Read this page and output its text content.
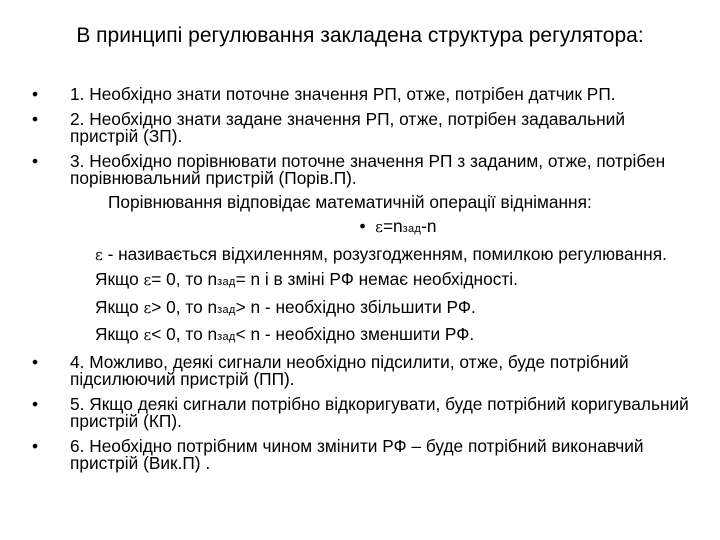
В принципі регулювання закладена структура регулятора:
• 1. Необхідно знати поточне значення РП, отже, потрібен датчик РП.
• 2. Необхідно знати задане значення РП, отже, потрібен задавальний пристрій (ЗП).
• 3. Необхідно порівнювати поточне значення РП з заданим, отже, потрібен порівнювальний пристрій (Порів.П).
Порівнювання відповідає математичній операції віднімання:
• ε=nзад-n
ε - називається відхиленням, розузгодженням, помилкою регулювання.
Якщо ε= 0, то nзад= n і в зміні РФ немає необхідності.
Якщо ε> 0, то nзад> n - необхідно збільшити РФ.
Якщо ε< 0, то nзад< n - необхідно зменшити РФ.
• 4. Можливо, деякі сигнали необхідно підсилити, отже, буде потрібний підсилюючий пристрій (ПП).
• 5. Якщо деякі сигнали потрібно відкоригувати, буде потрібний коригувальний пристрій (КП).
• 6. Необхідно потрібним чином змінити РФ – буде потрібний виконавчий пристрій (Вик.П) .
